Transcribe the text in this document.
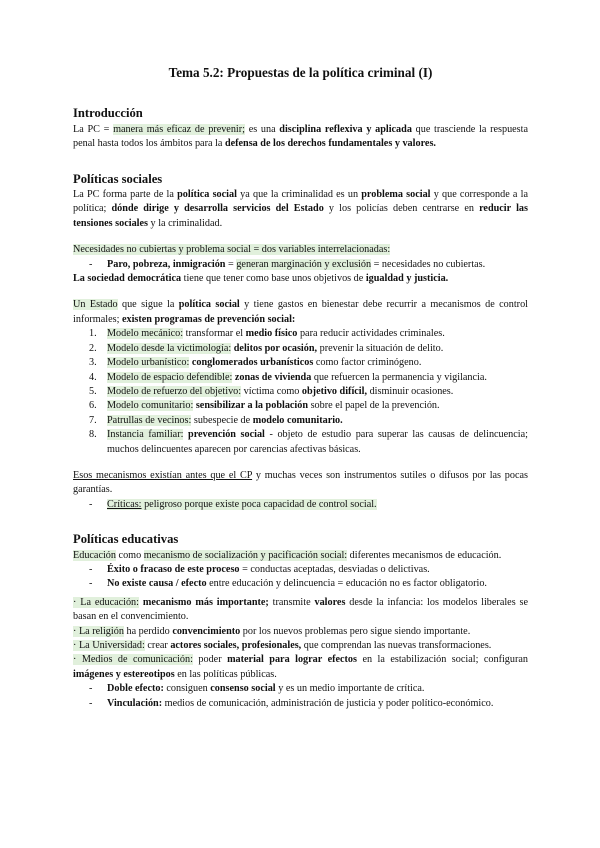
Tema 5.2: Propuestas de la política criminal (I)
Introducción

La PC = manera más eficaz de prevenir; es una disciplina reflexiva y aplicada que trasciende la respuesta penal hasta todos los ámbitos para la defensa de los derechos fundamentales y valores.

Políticas sociales

La PC forma parte de la política social ya que la criminalidad es un problema social y que corresponde a la política; dónde dirige y desarrolla servicios del Estado y los policías deben centrarse en reducir las tensiones sociales y la criminalidad.

Necesidades no cubiertas y problema social = dos variables interrelacionadas:

- Paro, pobreza, inmigración = generan marginación y exclusión = necesidades no cubiertas.

La sociedad democrática tiene que tener como base unos objetivos de igualdad y justicia.

Un Estado que sigue la política social y tiene gastos en bienestar debe recurrir a mecanismos de control informales; existen programas de prevención social:

1. Modelo mecánico: transformar el medio físico para reducir actividades criminales.
2. Modelo desde la victimología: delitos por ocasión, prevenir la situación de delito.
3. Modelo urbanístico: conglomerados urbanísticos como factor criminógeno.
4. Modelo de espacio defendible: zonas de vivienda que refuercen la permanencia y vigilancia.
5. Modelo de refuerzo del objetivo: víctima como objetivo difícil, disminuir ocasiones.
6. Modelo comunitario: sensibilizar a la población sobre el papel de la prevención.
7. Patrullas de vecinos: subespecie de modelo comunitario.
8. Instancia familiar: prevención social - objeto de estudio para superar las causas de delincuencia; muchos delincuentes aparecen por carencias afectivas básicas.

Esos mecanismos existían antes que el CP y muchas veces son instrumentos sutiles o difusos por las pocas garantías.

- Críticas: peligroso porque existe poca capacidad de control social.
Políticas educativas

Educación como mecanismo de socialización y pacificación social: diferentes mecanismos de educación.

- Éxito o fracaso de este proceso = conductas aceptadas, desviadas o delictivas.
- No existe causa / efecto entre educación y delincuencia = educación no es factor obligatorio.

· La educación: mecanismo más importante; transmite valores desde la infancia: los modelos liberales se basan en el convencimiento.

· La religión ha perdido convencimiento por los nuevos problemas pero sigue siendo importante.

· La Universidad: crear actores sociales, profesionales, que comprendan las nuevas transformaciones.

· Medios de comunicación: poder material para lograr efectos en la estabilización social; configuran imágenes y estereotipos en las políticas públicas.

- Doble efecto: consiguen consenso social y es un medio importante de crítica.
- Vinculación: medios de comunicación, administración de justicia y poder político-económico.
